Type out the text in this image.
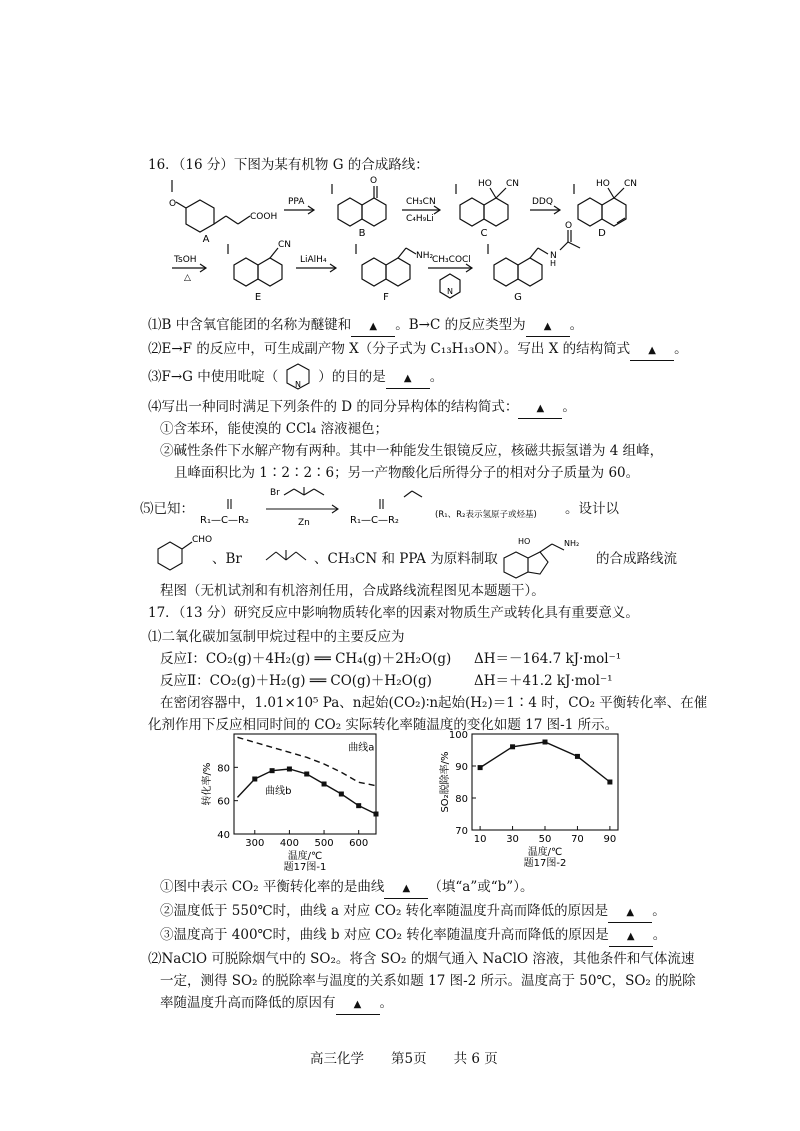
16．（16 分）下图为某有机物 G 的合成路线：
COOH
O
O	HO CN	HO CN
CN
NH₂
N
N
H
O
PPA	CH₃CN
C₄H₉Li
DDQ
TsOH
△
LiAlH₄	CH₃COCl
A
B	C	D
E	F	G
⑴B 中含氧官能团的名称为醚键和 ▲ 。B→C 的反应类型为 ▲ 。
⑵E→F 的反应中，可生成副产物 X（分子式为 C₁₃H₁₃ON）。写出 X 的结构简式 ▲ 。
⑶F→G 中使用吡啶（	）的目的是 ▲ 。
N
⑷写出一种同时满足下列条件的 D 的同分异构体的结构简式： ▲ 。
①含苯环，能使溴的 CCl₄ 溶液褪色；
②碱性条件下水解产物有两种。其中一种能发生银镜反应，核磁共振氢谱为 4 组峰，
且峰面积比为 1∶2∶2∶6；另一产物酸化后所得分子的相对分子质量为 60。
⑸已知：
R₁—C—R₂
Br
Zn	R₁—C—R₂	(R₁、R₂表示氢原子或烃基) 。设计以
CHO
、Br	、CH₃CN 和 PPA 为原料制取
HO	NH₂
的合成路线流
程图（无机试剂和有机溶剂任用，合成路线流程图见本题题干）。
17．（13 分）研究反应中影响物质转化率的因素对物质生产或转化具有重要意义。
⑴二氧化碳加氢制甲烷过程中的主要反应为
反应Ⅰ：CO₂(g)＋4H₂(g) ══ CH₄(g)＋2H₂O(g) ΔH＝－164.7 kJ·mol⁻¹
反应Ⅱ：CO₂(g)＋H₂(g) ══ CO(g)＋H₂O(g)	ΔH＝＋41.2 kJ·mol⁻¹
在密闭容器中，1.01×10⁵ Pa、n起始(CO₂)∶n起始(H₂)＝1∶4 时，CO₂ 平衡转化率、在催
化剂作用下反应相同时间的 CO₂ 实际转化率随温度的变化如题 17 图-1 所示。
300 400 500 600
40
60
80
温度/℃
题17图-1
转化率/%
曲线a
曲线b
10 30 50 70 90
70
80
90
100
温度/℃
题17图-2
SO₂脱除率/%
①图中表示 CO₂ 平衡转化率的是曲线 ▲ （填“a”或“b”）。
②温度低于 550℃时，曲线 a 对应 CO₂ 转化率随温度升高而降低的原因是 ▲ 。
③温度高于 400℃时，曲线 b 对应 CO₂ 转化率随温度升高而降低的原因是 ▲ 。
⑵NaClO 可脱除烟气中的 SO₂。将含 SO₂ 的烟气通入 NaClO 溶液，其他条件和气体流速
一定，测得 SO₂ 的脱除率与温度的关系如题 17 图-2 所示。温度高于 50℃，SO₂ 的脱除
率随温度升高而降低的原因有 ▲ 。
高三化学　　第5页　　共 6 页
